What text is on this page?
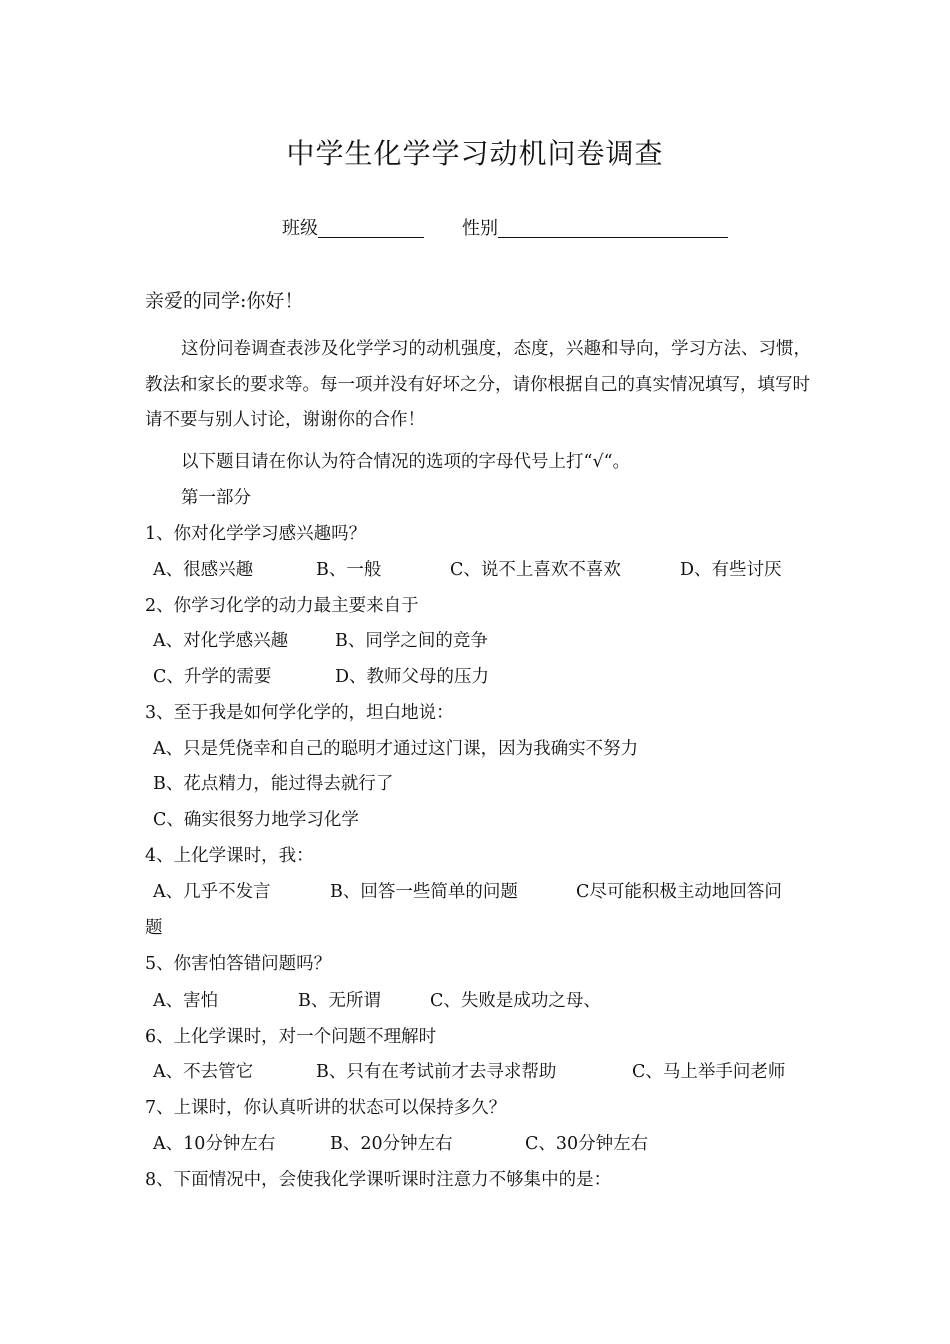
中学生化学学习动机问卷调查
班级	性别
亲爱的同学:你好！

这份问卷调查表涉及化学学习的动机强度，态度，兴趣和导向，学习方法、习惯，教法和家长的要求等。每一项并没有好坏之分，请你根据自己的真实情况填写，填写时请不要与别人讨论，谢谢你的合作！

以下题目请在你认为符合情况的选项的字母代号上打“√“。
第一部分
1、你对化学学习感兴趣吗？
A、很感兴趣	B、一般	C、说不上喜欢不喜欢	D、有些讨厌
2、你学习化学的动力最主要来自于
A、对化学感兴趣	B、同学之间的竞争
C、升学的需要	D、教师父母的压力
3、至于我是如何学化学的，坦白地说：
A、只是凭侥幸和自己的聪明才通过这门课，因为我确实不努力
B、花点精力，能过得去就行了
C、确实很努力地学习化学
4、上化学课时，我：
A、几乎不发言	B、回答一些简单的问题	C尽可能积极主动地回答问
题
5、你害怕答错问题吗？
A、害怕	B、无所谓	C、失败是成功之母、
6、上化学课时，对一个问题不理解时
A、不去管它	B、只有在考试前才去寻求帮助	C、马上举手问老师
7、上课时，你认真听讲的状态可以保持多久？
A、10分钟左右	B、20分钟左右	C、30分钟左右
8、下面情况中，会使我化学课听课时注意力不够集中的是：
